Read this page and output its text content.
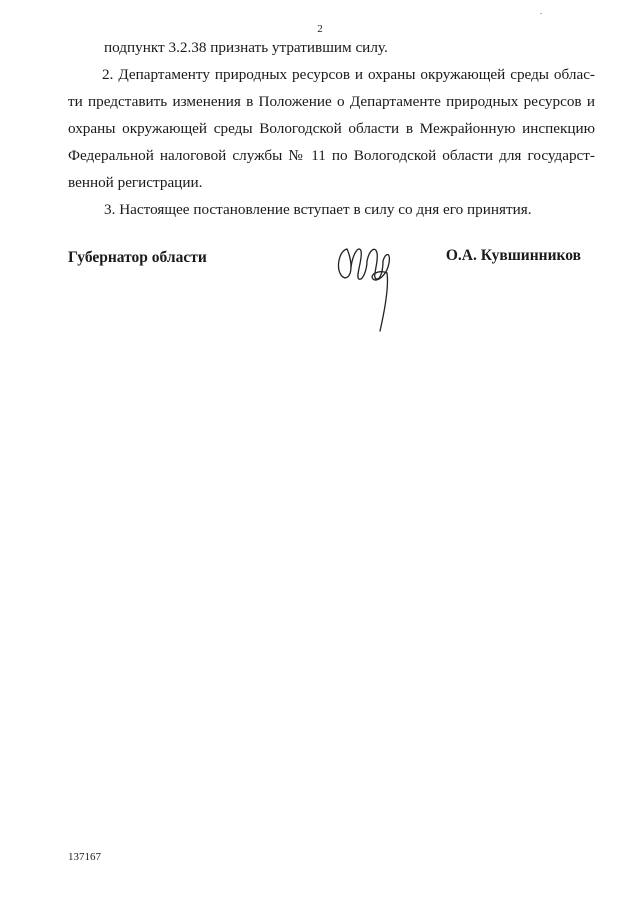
2
.
подпункт 3.2.38 признать утратившим силу.
2. Департаменту природных ресурсов и охраны окружающей среды облас-
ти представить изменения в Положение о Департаменте природных ресурсов и
охраны окружающей среды Вологодской области в Межрайонную инспекцию
Федеральной налоговой службы № 11 по Вологодской области для государст-
венной регистрации.
3. Настоящее постановление вступает в силу со дня его принятия.
Губернатор области	О.А. Кувшинников
137167
